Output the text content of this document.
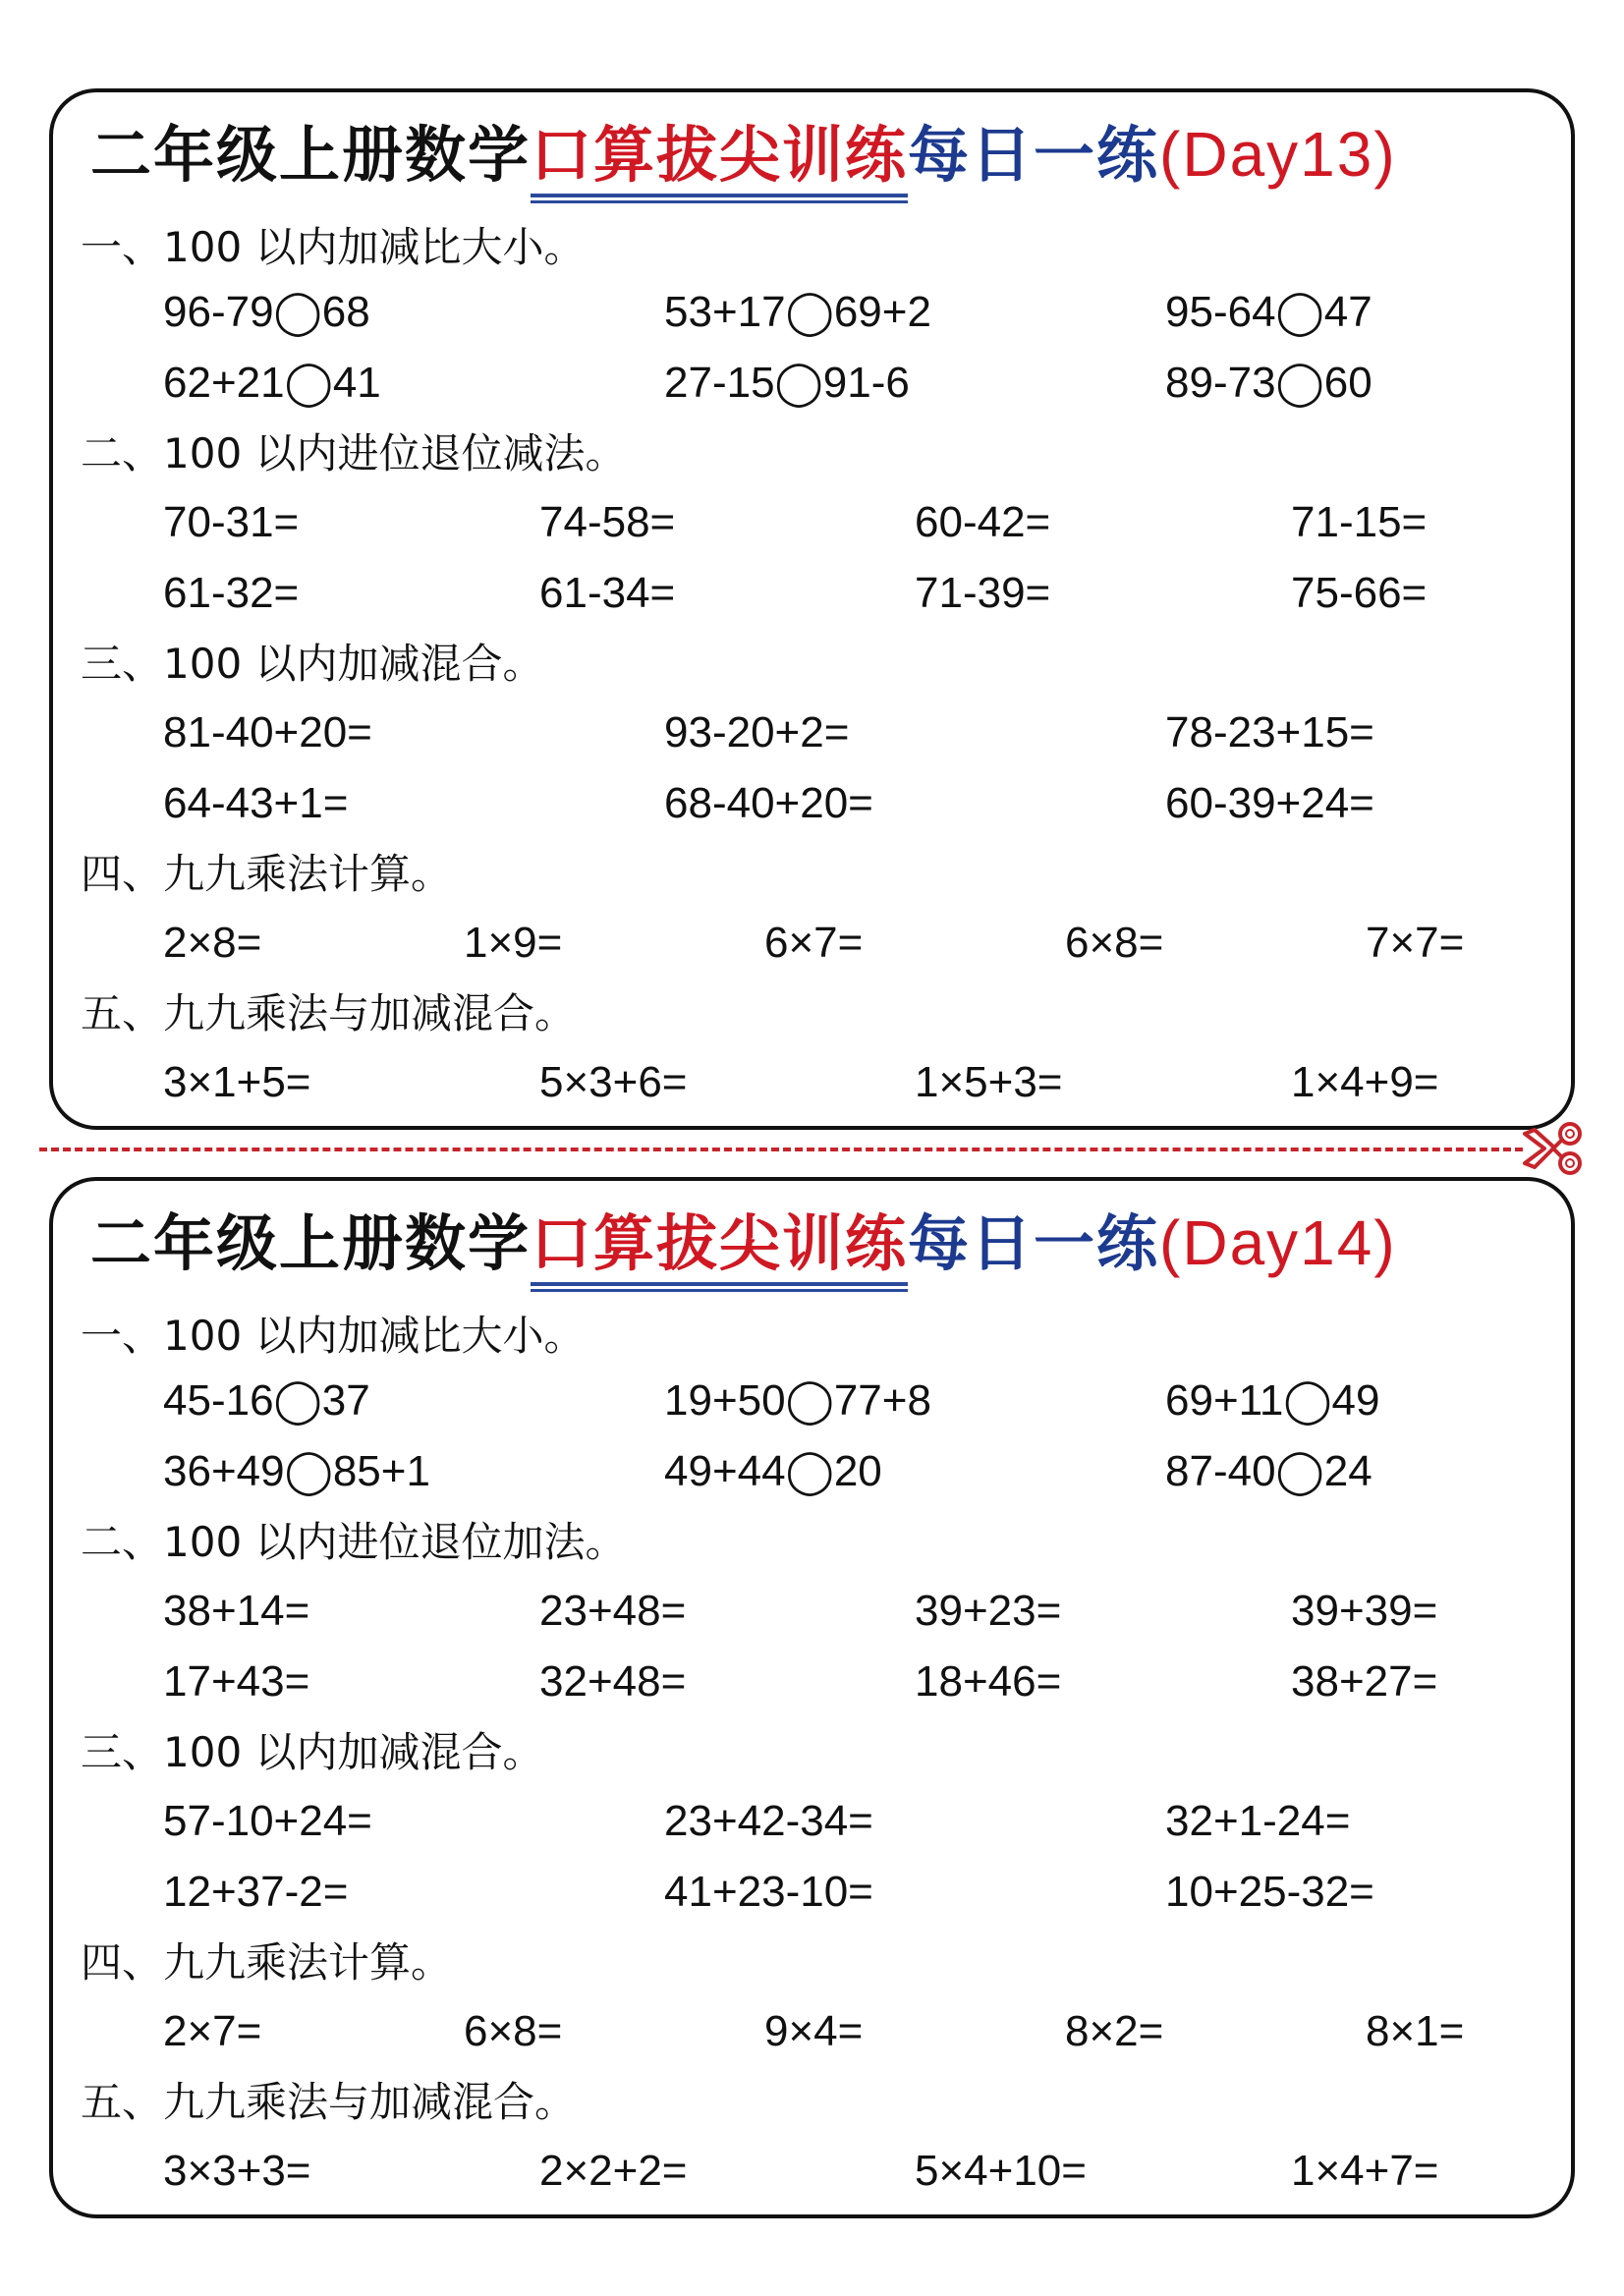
二年级上册数学口算拔尖训练
每日一练(Day13)
一、100 以内加减比大小。
96-79◯68	53+17◯69+2	95-64◯47
62+21◯41	27-15◯91-6	89-73◯60
二、100 以内进位退位减法。
70-31=	74-58=	60-42=	71-15=
61-32=	61-34=	71-39=	75-66=
三、100 以内加减混合。
81-40+20=	93-20+2=	78-23+15=
64-43+1=	68-40+20=	60-39+24=
四、九九乘法计算。
2×8=	1×9=	6×7=	6×8=	7×7=
五、九九乘法与加减混合。
3×1+5=	5×3+6=	1×5+3=	1×4+9=
二年级上册数学口算拔尖训练
每日一练(Day14)
一、100 以内加减比大小。
45-16◯37	19+50◯77+8	69+11◯49
36+49◯85+1	49+44◯20	87-40◯24
二、100 以内进位退位加法。
38+14=	23+48=	39+23=	39+39=
17+43=	32+48=	18+46=	38+27=
三、100 以内加减混合。
57-10+24=	23+42-34=	32+1-24=
12+37-2=	41+23-10=	10+25-32=
四、九九乘法计算。
2×7=	6×8=	9×4=	8×2=	8×1=
五、九九乘法与加减混合。
3×3+3=	2×2+2=	5×4+10=	1×4+7=
